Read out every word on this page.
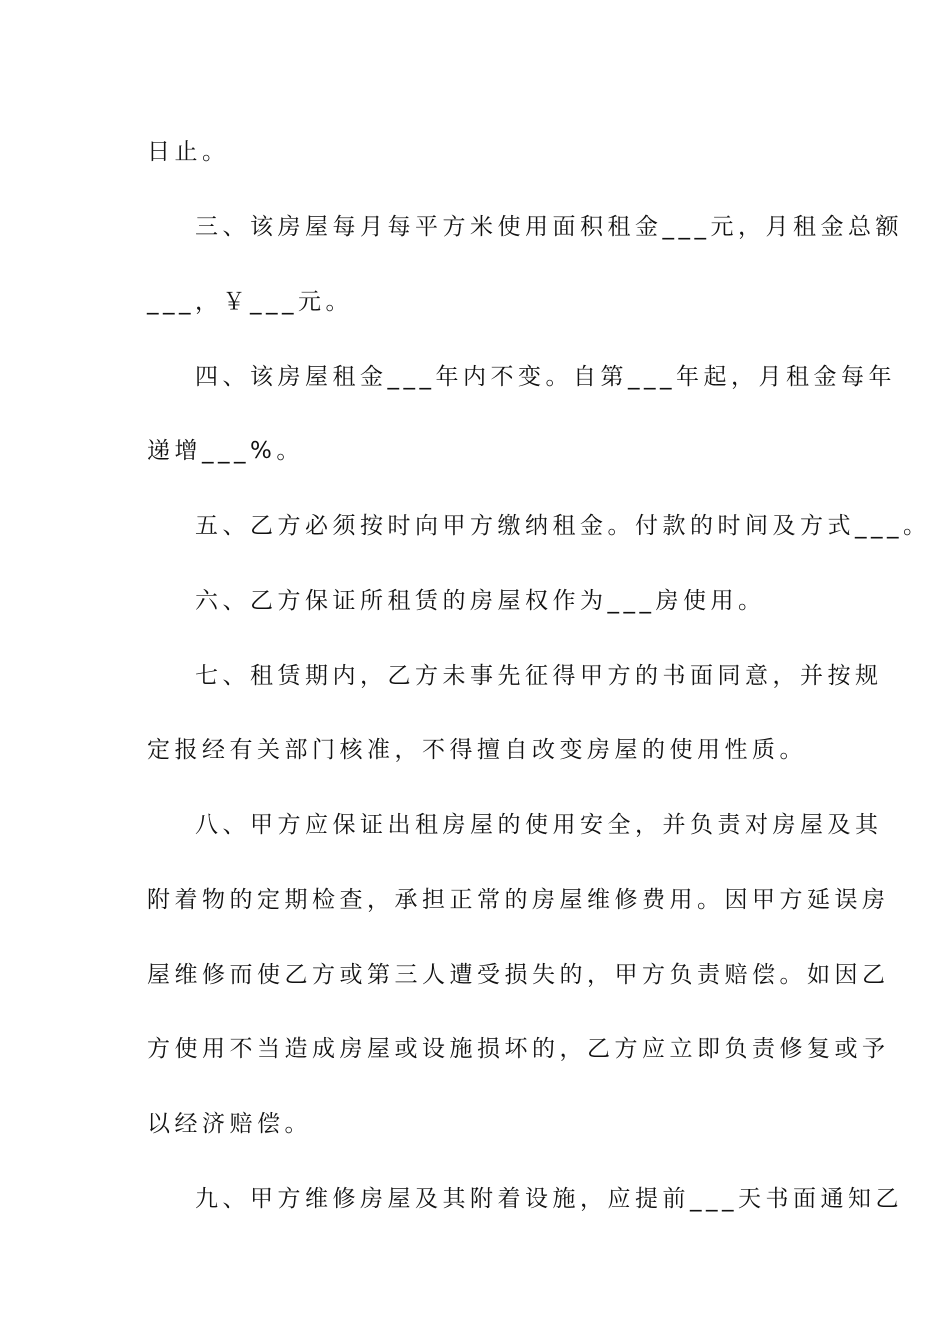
日止。
三、该房屋每月每平方米使用面积租金___元，月租金总额
___，￥___元。
四、该房屋租金___年内不变。自第___年起，月租金每年
递增___%。
五、乙方必须按时向甲方缴纳租金。付款的时间及方式___。
六、乙方保证所租赁的房屋权作为___房使用。
七、租赁期内，乙方未事先征得甲方的书面同意，并按规
定报经有关部门核准，不得擅自改变房屋的使用性质。
八、甲方应保证出租房屋的使用安全，并负责对房屋及其
附着物的定期检查，承担正常的房屋维修费用。因甲方延误房
屋维修而使乙方或第三人遭受损失的，甲方负责赔偿。如因乙
方使用不当造成房屋或设施损坏的，乙方应立即负责修复或予
以经济赔偿。
九、甲方维修房屋及其附着设施，应提前___天书面通知乙
